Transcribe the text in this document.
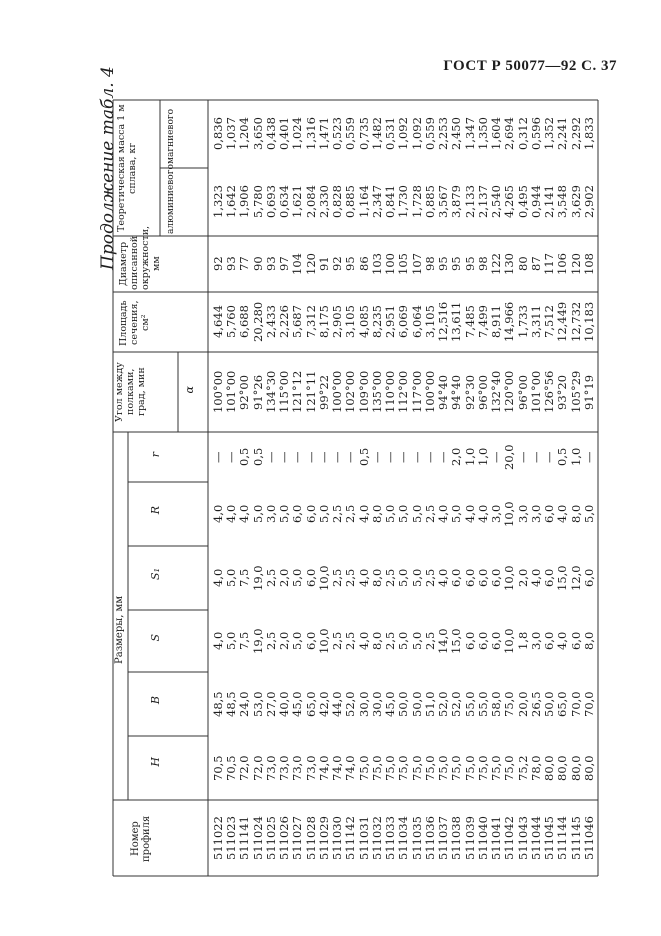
ГОСТ Р 50077—92 С. 37
Продолжение табл. 4
Номер профиля
Размеры, мм
H
B
S
S₁
R
r
Угол между полками, град, мин	α
Площадь сечения, см²
Диаметр описанной окружности, мм
Теоретическая масса 1 м сплава, кг	алюминиевого
магниевого
511022
70,5
48,5
4,0
4,0
4,0
—
100°00
4,644
92
1,323
0,836
511023
70,5
48,5
5,0
5,0
4,0
—
101°00
5,760
93
1,642
1,037
511141
72,0
24,0
7,5
7,5
4,0
0,5
92°00
6,688
77
1,906
1,204
511024
72,0
53,0
19,0
19,0
5,0
0,5
91°26
20,280
90
5,780
3,650
511025
73,0
27,0
2,5
2,5
3,0
—
134°30
2,433
93
0,693
0,438
511026
73,0
40,0
2,0
2,0
5,0
—
115°00
2,226
97
0,634
0,401
511027
73,0
45,0
5,0
5,0
6,0
—
121°12
5,687
104
1,621
1,024
511028
73,0
65,0
6,0
6,0
6,0
—
121°11
7,312
120
2,084
1,316
511029
74,0
42,0
10,0
10,0
5,0
—
99°22
8,175
91
2,330
1,471
511030
74,0
44,0
2,5
2,5
2,5
—
100°00
2,905
92
0,828
0,523
511142
74,0
52,0
2,5
2,5
2,5
—
102°00
3,105
95
0,885
0,559
511031
75,0
30,0
4,0
4,0
4,0
0,5
109°00
4,085
86
1,164
0,735
511032
75,0
30,0
8,0
8,0
8,0
—
135°00
8,235
103
2,347
1,482
511033
75,0
45,0
2,5
2,5
5,0
—
110°00
2,951
100
0,841
0,531
511034
75,0
50,0
5,0
5,0
5,0
—
112°00
6,069
105
1,730
1,092
511035
75,0
50,0
5,0
5,0
5,0
—
117°00
6,064
107
1,728
1,092
511036
75,0
51,0
2,5
2,5
2,5
—
100°00
3,105
98
0,885
0,559
511037
75,0
52,0
14,0
4,0
4,0
—
94°40
12,516
95
3,567
2,253
511038
75,0
52,0
15,0
6,0
5,0
2,0
94°40
13,611
95
3,879
2,450
511039
75,0
55,0
6,0
6,0
4,0
1,0
92°30
7,485
95
2,133
1,347
511040
75,0
55,0
6,0
6,0
4,0
1,0
96°00
7,499
98
2,137
1,350
511041
75,0
58,0
6,0
6,0
3,0
—
132°40
8,911
122
2,540
1,604
511042
75,0
75,0
10,0
10,0
10,0
20,0
120°00
14,966
130
4,265
2,694
511043
75,2
20,0
1,8
2,0
3,0
—
96°00
1,733
80
0,495
0,312
511044
78,0
26,5
3,0
4,0
3,0
—
101°00
3,311
87
0,944
0,596
511045
80,0
50,0
6,0
6,0
6,0
—
126°56
7,512
117
2,141
1,352
511144
80,0
65,0
4,0
15,0
4,0
0,5
93°20
12,449
106
3,548
2,241
511145
80,0
70,0
6,0
12,0
8,0
1,0
105°29
12,732
120
3,629
2,292
511046
80,0
70,0
8,0
6,0
5,0
—
91°19
10,183
108
2,902
1,833
